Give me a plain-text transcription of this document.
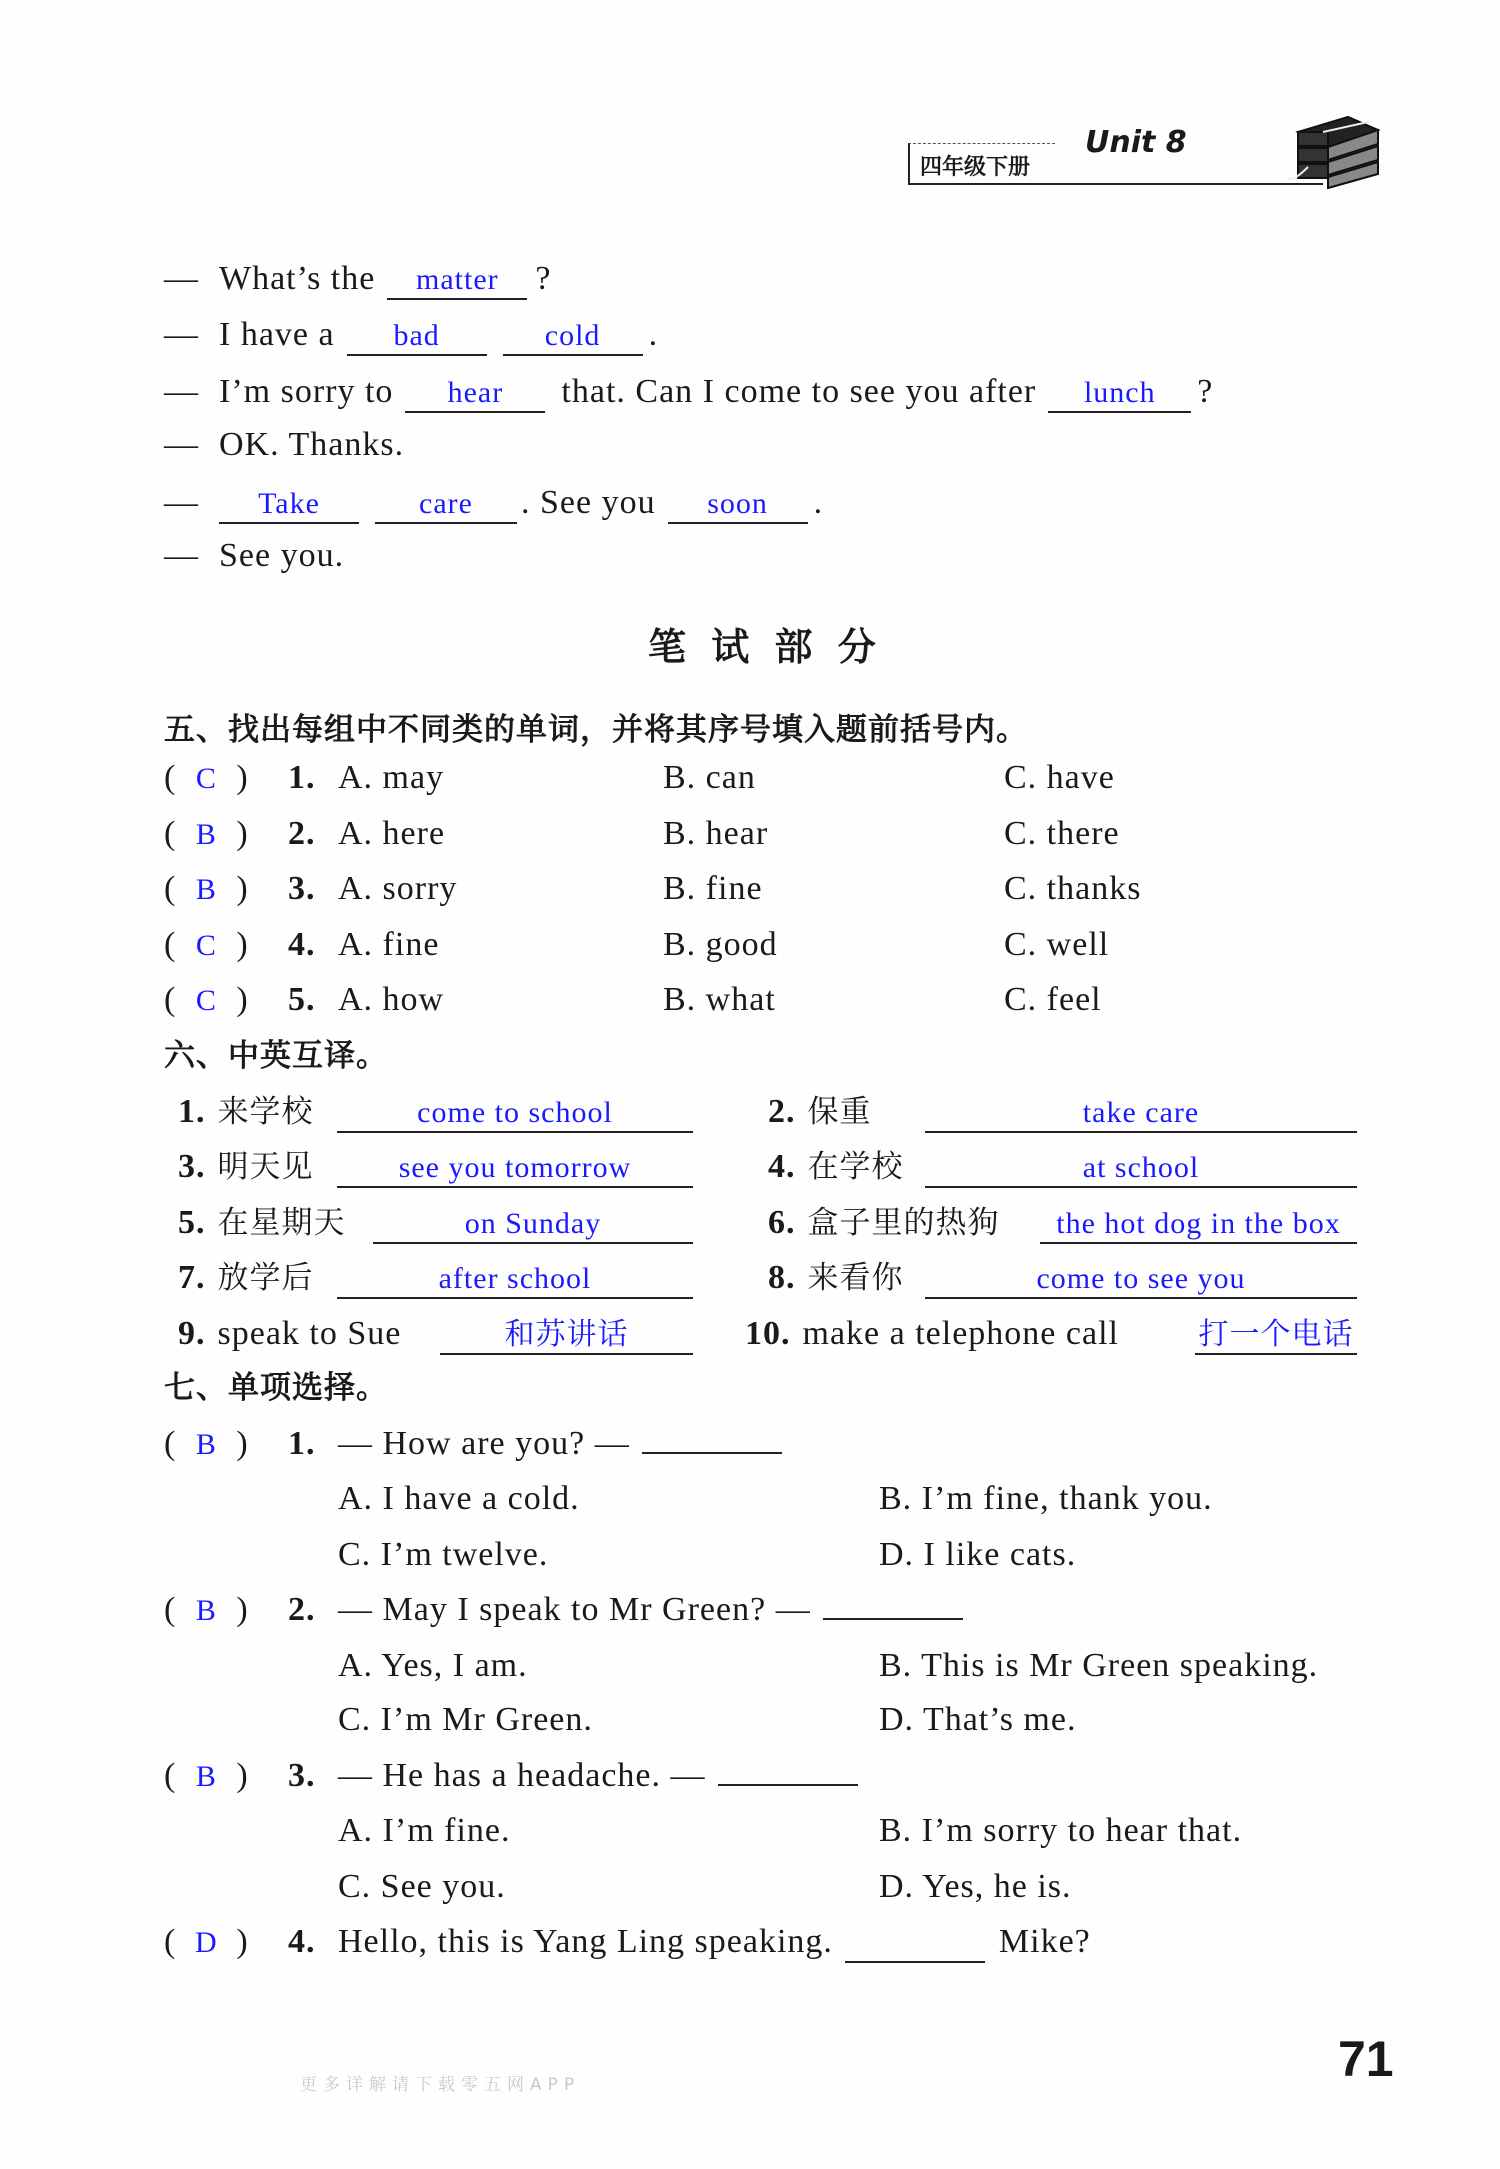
四年级下册
Unit 8
— What’s the matter ?
— I have a bad	cold .
— I’m sorry to hear that. Can I come to see you after lunch ?
— OK. Thanks.
— Take	care . See you soon .
— See you.
笔 试 部 分
五、找出每组中不同类的单词，并将其序号填入题前括号内。
( C ) 1. A. may	B. can	C. have
( B ) 2. A. here	B. hear	C. there
( B ) 3. A. sorry	B. fine	C. thanks
( C ) 4. A. fine	B. good	C. well
( C ) 5. A. how	B. what	C. feel
六、中英互译。
1. 来学校	come to school	2. 保重	take care
3. 明天见	see you tomorrow	4. 在学校	at school
5. 在星期天	on Sunday	6. 盒子里的热狗	the hot dog in the box
7. 放学后	after school	8. 来看你	come to see you
9. speak to Sue	和苏讲话	10. make a telephone call	打一个电话
七、单项选择。
( B ) 1. — How are you? —
A. I have a cold.	B. I’m fine, thank you.
C. I’m twelve.	D. I like cats.
( B ) 2. — May I speak to Mr Green? —
A. Yes, I am.	B. This is Mr Green speaking.
C. I’m Mr Green.	D. That’s me.
( B ) 3. — He has a headache. —
A. I’m fine.	B. I’m sorry to hear that.
C. See you.	D. Yes, he is.
( D ) 4. Hello, this is Yang Ling speaking.	Mike?
更多详解请下载零五网APP	71
